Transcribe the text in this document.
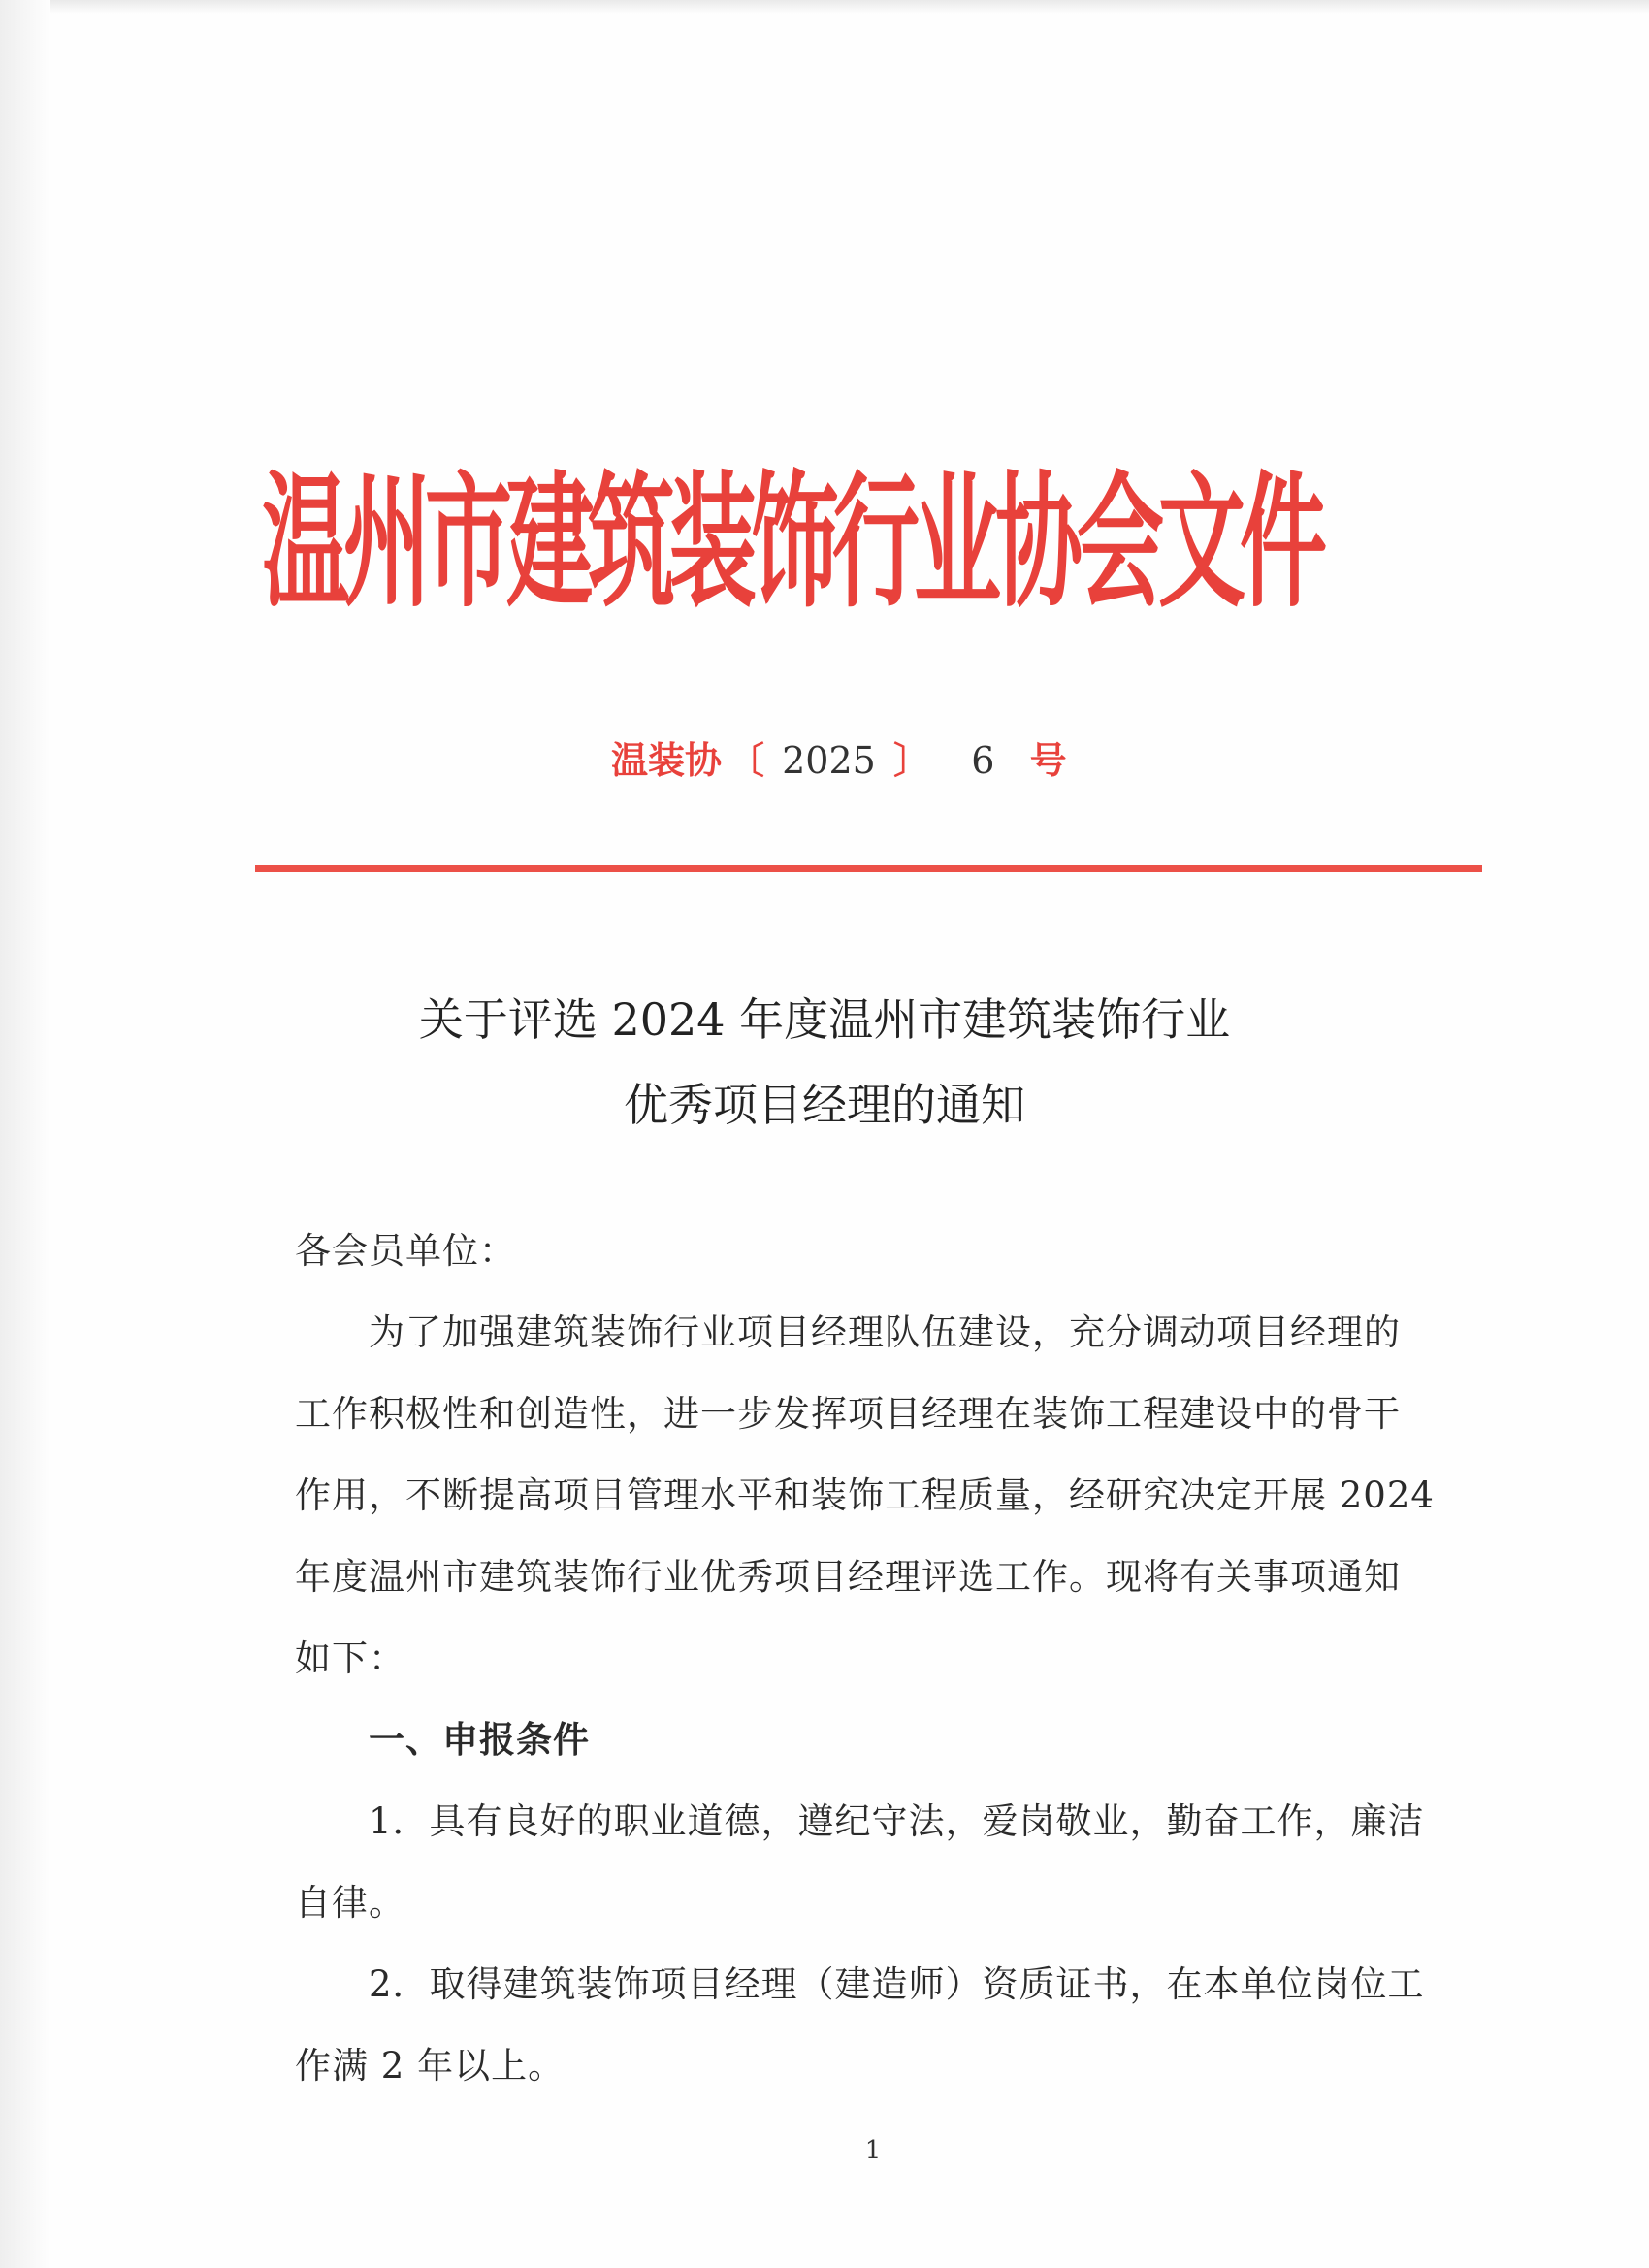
温州市建筑装饰行业协会文件
温装协 〔 2025 〕 6 号
关于评选 2024 年度温州市建筑装饰行业
优秀项目经理的通知
各会员单位：
为了加强建筑装饰行业项目经理队伍建设，充分调动项目经理的
工作积极性和创造性，进一步发挥项目经理在装饰工程建设中的骨干
作用，不断提高项目管理水平和装饰工程质量，经研究决定开展 2024
年度温州市建筑装饰行业优秀项目经理评选工作。现将有关事项通知
如下：
一、申报条件
1．具有良好的职业道德，遵纪守法，爱岗敬业，勤奋工作，廉洁
自律。
2．取得建筑装饰项目经理（建造师）资质证书，在本单位岗位工
作满 2 年以上。
1
